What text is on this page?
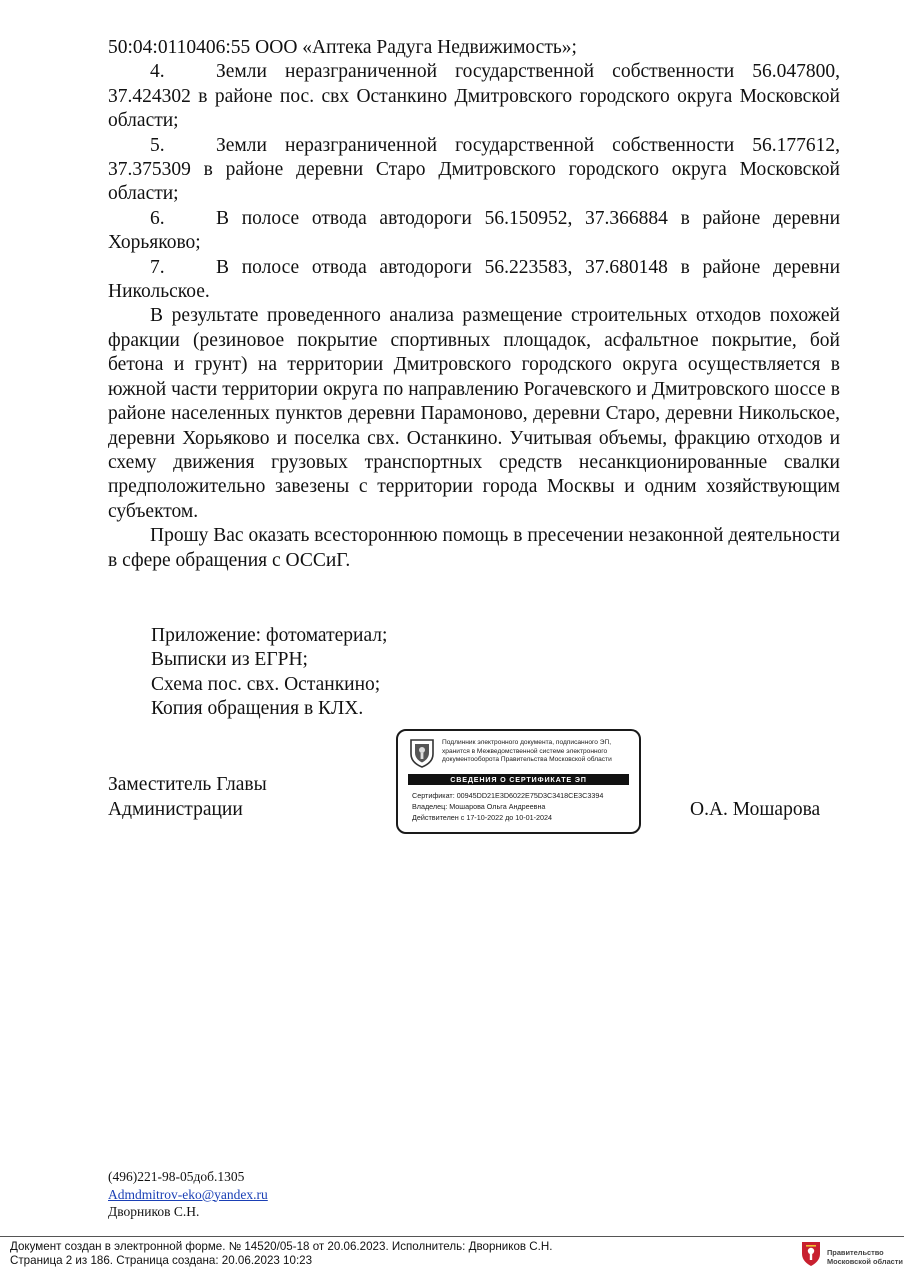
50:04:0110406:55 ООО «Аптека Радуга Недвижимость»;

4.	Земли неразграниченной государственной собственности 56.047800, 37.424302 в районе пос. свх Останкино Дмитровского городского округа Московской области;

5.	Земли неразграниченной государственной собственности 56.177612, 37.375309 в районе деревни Старо Дмитровского городского округа Московской области;

6.	В полосе отвода автодороги 56.150952, 37.366884 в районе деревни Хорьяково;

7.	В полосе отвода автодороги 56.223583, 37.680148 в районе деревни Никольское.

В результате проведенного анализа размещение строительных отходов похожей фракции (резиновое покрытие спортивных площадок, асфальтное покрытие, бой бетона и грунт) на территории Дмитровского городского округа осуществляется в южной части территории округа по направлению Рогачевского и Дмитровского шоссе в районе населенных пунктов деревни Парамоново, деревни Старо, деревни Никольское, деревни Хорьяково и поселка свх. Останкино. Учитывая объемы, фракцию отходов и схему движения грузовых транспортных средств несанкционированные свалки предположительно завезены с территории города Москвы и одним хозяйствующим субъектом.

Прошу Вас оказать всестороннюю помощь в пресечении незаконной деятельности в сфере обращения с ОССиГ.

Приложение: фотоматериал;
Выписки из ЕГРН;
Схема пос. свх. Останкино;
Копия обращения в КЛХ.
Заместитель Главы
Администрации	О.А. Мошарова
Подлинник электронного документа, подписанного ЭП, хранится в Межведомственной системе электронного документооборота Правительства Московской области
СВЕДЕНИЯ О СЕРТИФИКАТЕ ЭП
Сертификат: 00945DD21E3D6022E75D3C3418CE3C3394
Владелец: Мошарова Ольга Андреевна
Действителен с 17-10-2022 до 10-01-2024
(496)221-98-05доб.1305
Admdmitrov-eko@yandex.ru
Дворников С.Н.
Документ создан в электронной форме. № 14520/05-18 от 20.06.2023. Исполнитель: Дворников С.Н.
Страница 2 из 186. Страница создана: 20.06.2023 10:23
Правительство
Московской области
